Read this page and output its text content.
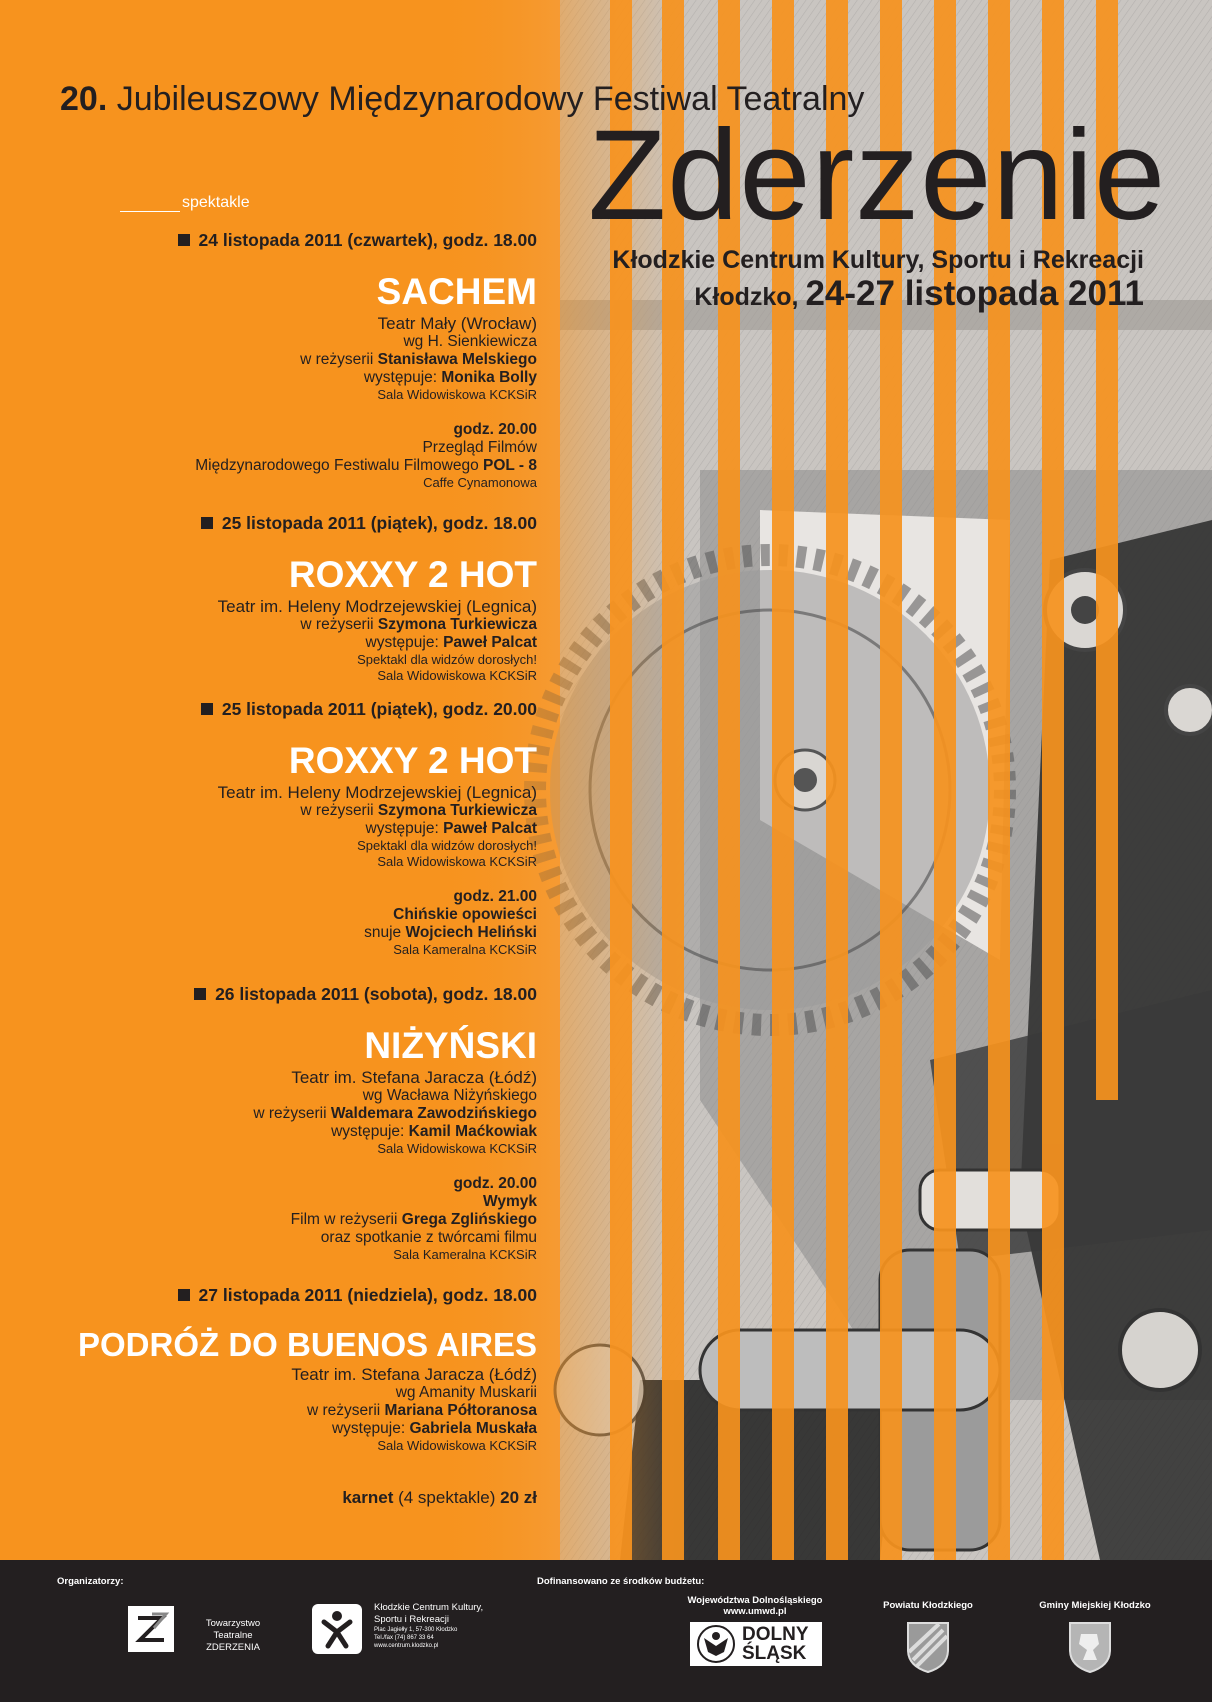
20. Jubileuszowy Międzynarodowy Festiwal Teatralny
Zderzenie
Kłodzkie Centrum Kultury, Sportu i Rekreacji
Kłodzko, 24-27 listopada 2011
spektakle
24 listopada 2011 (czwartek), godz. 18.00
SACHEM
Teatr Mały (Wrocław)
wg H. Sienkiewicza
w reżyserii Stanisława Melskiego
występuje: Monika Bolly
Sala Widowiskowa KCKSiR
godz. 20.00
Przegląd Filmów
Międzynarodowego Festiwalu Filmowego POL - 8
Caffe Cynamonowa
25 listopada 2011 (piątek), godz. 18.00
ROXXY 2 HOT
Teatr im. Heleny Modrzejewskiej (Legnica)
w reżyserii Szymona Turkiewicza
występuje: Paweł Palcat
Spektakl dla widzów dorosłych!
Sala Widowiskowa KCKSiR
25 listopada 2011 (piątek), godz. 20.00
ROXXY 2 HOT
Teatr im. Heleny Modrzejewskiej (Legnica)
w reżyserii Szymona Turkiewicza
występuje: Paweł Palcat
Spektakl dla widzów dorosłych!
Sala Widowiskowa KCKSiR
godz. 21.00
Chińskie opowieści
snuje Wojciech Heliński
Sala Kameralna KCKSiR
26 listopada 2011 (sobota), godz. 18.00
NIŻYŃSKI
Teatr im. Stefana Jaracza (Łódź)
wg Wacława Niżyńskiego
w reżyserii Waldemara Zawodzińskiego
występuje: Kamil Maćkowiak
Sala Widowiskowa KCKSiR
godz. 20.00
Wymyk
Film w reżyserii Grega Zglińskiego
oraz spotkanie z twórcami filmu
Sala Kameralna KCKSiR
27 listopada 2011 (niedziela), godz. 18.00
PODRÓŻ DO BUENOS AIRES
Teatr im. Stefana Jaracza (Łódź)
wg Amanity Muskarii
w reżyserii Mariana Półtoranosa
występuje: Gabriela Muskała
Sala Widowiskowa KCKSiR
karnet (4 spektakle) 20 zł
Organizatorzy:
Towarzystwo Teatralne
ZDERZENIA
Kłodzkie Centrum Kultury,
Sportu i Rekreacji
Plac Jagiełły 1, 57-300 Kłodzko
Tel./fax (74) 867 33 64
www.centrum.klodzko.pl
Dofinansowano ze środków budżetu:
Województwa Dolnośląskiego
www.umwd.pl
DOLNY
ŚLĄSK
Powiatu Kłodzkiego	Gminy Miejskiej Kłodzko
